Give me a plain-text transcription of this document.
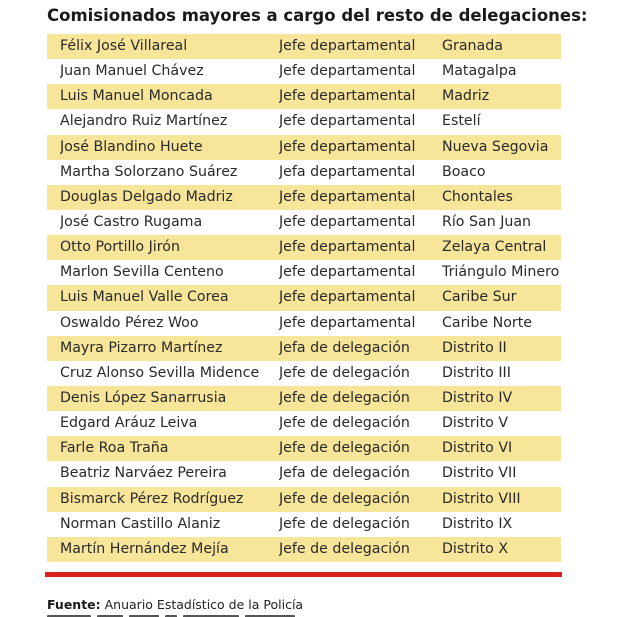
Comisionados mayores a cargo del resto de delegaciones:
Félix José Villareal	Jefe departamental	Granada
Juan Manuel Chávez	Jefe departamental	Matagalpa
Luis Manuel Moncada	Jefe departamental	Madriz
Alejandro Ruiz Martínez	Jefe departamental	Estelí
José Blandino Huete	Jefe departamental	Nueva Segovia
Martha Solorzano Suárez	Jefa departamental	Boaco
Douglas Delgado Madriz	Jefe departamental	Chontales
José Castro Rugama	Jefe departamental	Río San Juan
Otto Portillo Jirón	Jefe departamental	Zelaya Central
Marlon Sevilla Centeno	Jefe departamental	Triángulo Minero
Luis Manuel Valle Corea	Jefe departamental	Caribe Sur
Oswaldo Pérez Woo	Jefe departamental	Caribe Norte
Mayra Pizarro Martínez	Jefa de delegación	Distrito II
Cruz Alonso Sevilla Midence	Jefe de delegación	Distrito III
Denis López Sanarrusia	Jefe de delegación	Distrito IV
Edgard Aráuz Leiva	Jefe de delegación	Distrito V
Farle Roa Traña	Jefe de delegación	Distrito VI
Beatriz Narváez Pereira	Jefa de delegación	Distrito VII
Bismarck Pérez Rodríguez	Jefe de delegación	Distrito VIII
Norman Castillo Alaniz	Jefe de delegación	Distrito IX
Martín Hernández Mejía	Jefe de delegación	Distrito X
Fuente: Anuario Estadístico de la Policía
